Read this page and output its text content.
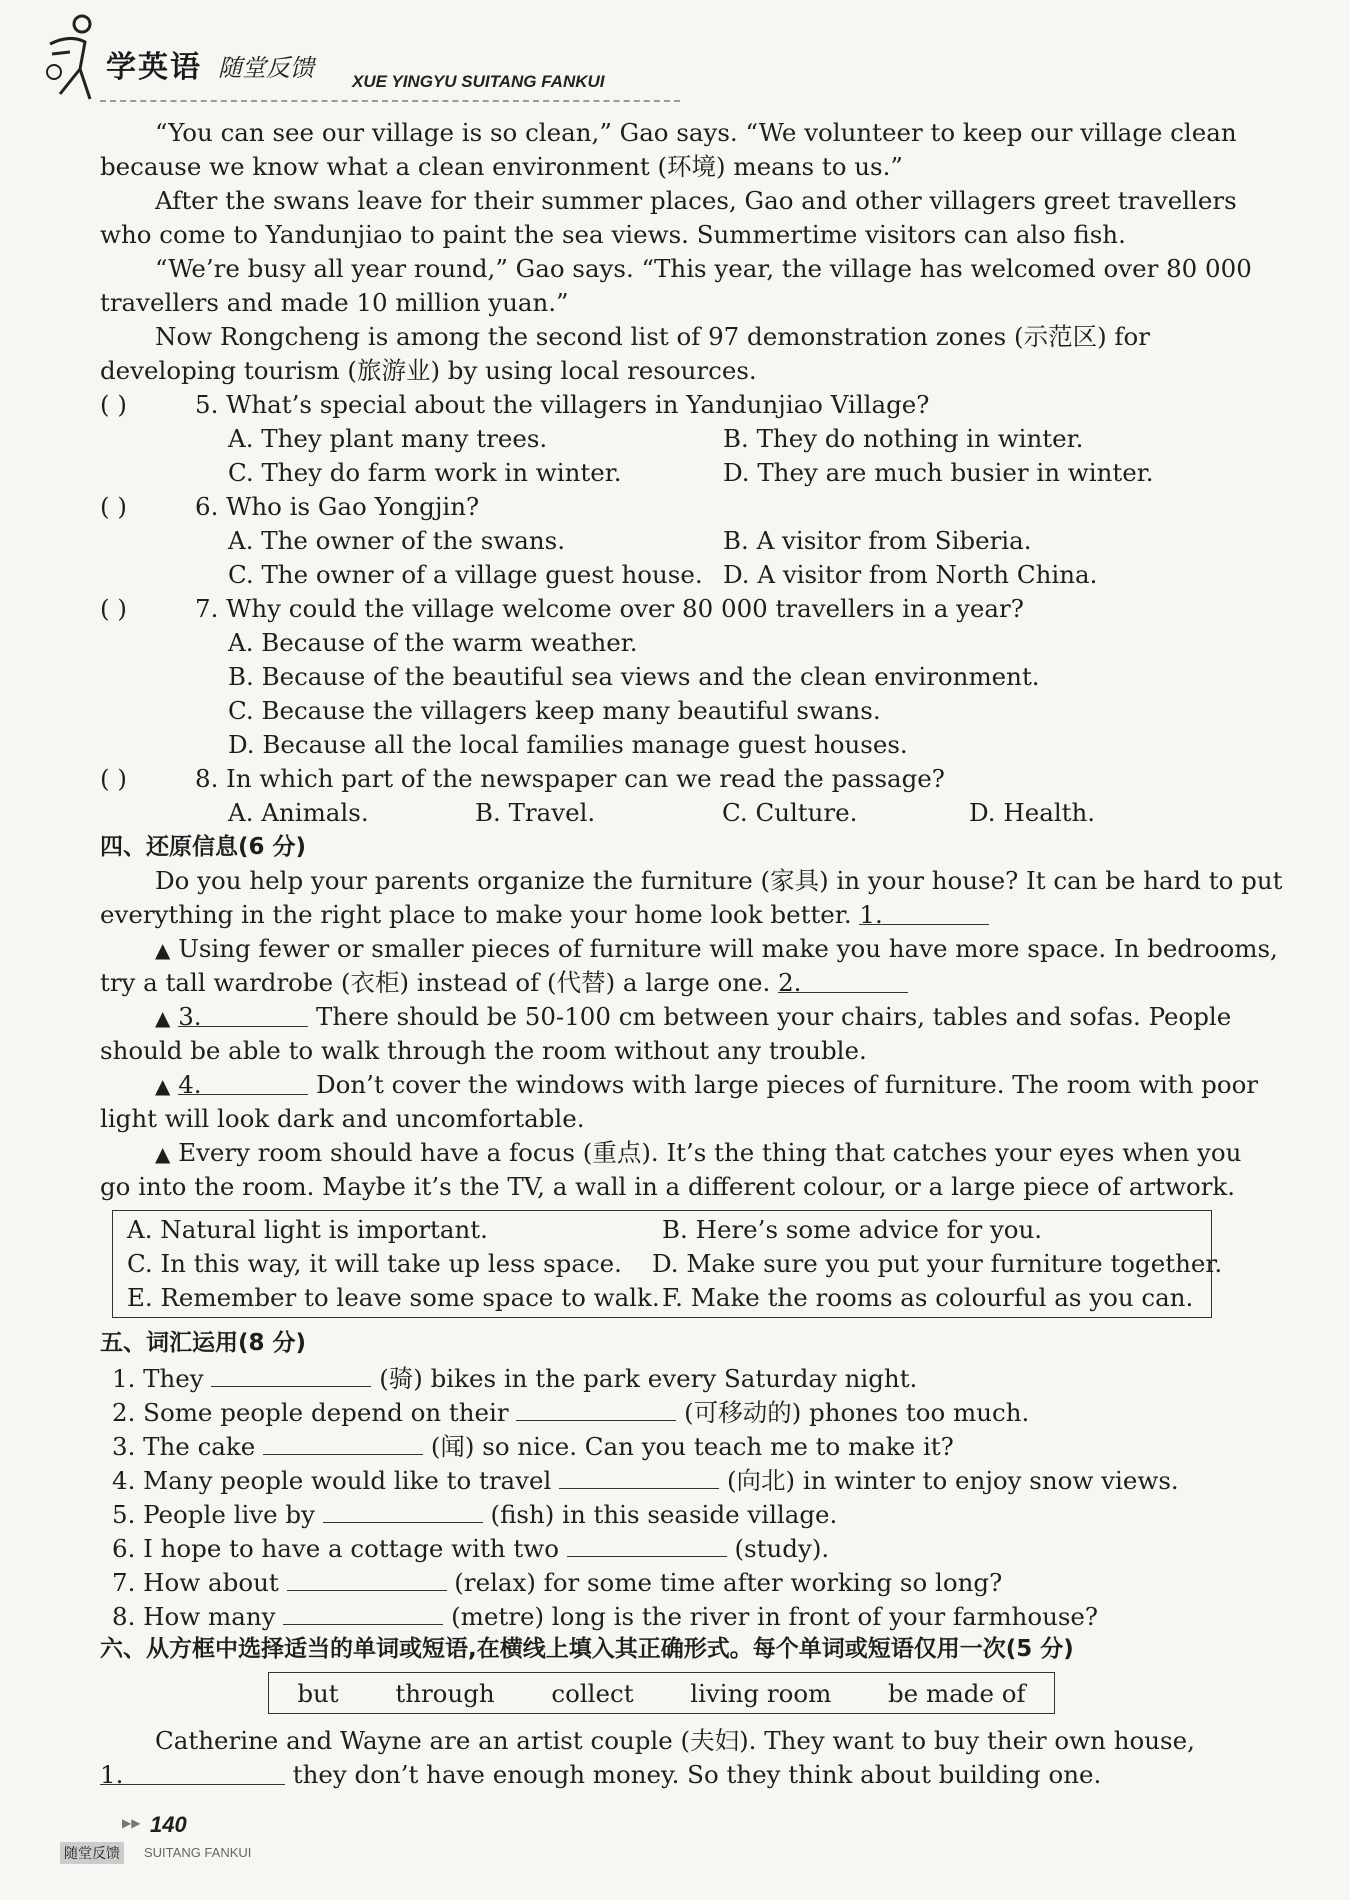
学英语 随堂反馈 XUE YINGYU SUITANG FANKUI
“You can see our village is so clean,” Gao says. “We volunteer to keep our village clean
because we know what a clean environment (环境) means to us.”
After the swans leave for their summer places, Gao and other villagers greet travellers
who come to Yandunjiao to paint the sea views. Summertime visitors can also fish.
“We’re busy all year round,” Gao says. “This year, the village has welcomed over 80 000
travellers and made 10 million yuan.”
Now Rongcheng is among the second list of 97 demonstration zones (示范区) for
developing tourism (旅游业) by using local resources.
( )	5. What’s special about the villagers in Yandunjiao Village?
A. They plant many trees.	B. They do nothing in winter.
C. They do farm work in winter.	D. They are much busier in winter.
( )	6. Who is Gao Yongjin?
A. The owner of the swans.	B. A visitor from Siberia.
C. The owner of a village guest house. D. A visitor from North China.
( )	7. Why could the village welcome over 80 000 travellers in a year?
A. Because of the warm weather.
B. Because of the beautiful sea views and the clean environment.
C. Because the villagers keep many beautiful swans.
D. Because all the local families manage guest houses.
( )	8. In which part of the newspaper can we read the passage?
A. Animals.	B. Travel.	C. Culture.	D. Health.
四、还原信息(6 分)
Do you help your parents organize the furniture (家具) in your house? It can be hard to put
everything in the right place to make your home look better. 1.
▲ Using fewer or smaller pieces of furniture will make you have more space. In bedrooms,
try a tall wardrobe (衣柜) instead of (代替) a large one. 2.
▲ 3.	There should be 50-100 cm between your chairs, tables and sofas. People
should be able to walk through the room without any trouble.
▲ 4.	Don’t cover the windows with large pieces of furniture. The room with poor
light will look dark and uncomfortable.
▲ Every room should have a focus (重点). It’s the thing that catches your eyes when you
go into the room. Maybe it’s the TV, a wall in a different colour, or a large piece of artwork.
A. Natural light is important.	B. Here’s some advice for you.
C. In this way, it will take up less space.	D. Make sure you put your furniture together.
E. Remember to leave some space to walk. F. Make the rooms as colourful as you can.
五、词汇运用(8 分)
1. They	(骑) bikes in the park every Saturday night.
2. Some people depend on their	(可移动的) phones too much.
3. The cake	(闻) so nice. Can you teach me to make it?
4. Many people would like to travel	(向北) in winter to enjoy snow views.
5. People live by	(fish) in this seaside village.
6. I hope to have a cottage with two	(study).
7. How about	(relax) for some time after working so long?
8. How many	(metre) long is the river in front of your farmhouse?
六、从方框中选择适当的单词或短语,在横线上填入其正确形式。每个单词或短语仅用一次(5 分)
but through collect living room be made of
Catherine and Wayne are an artist couple (夫妇). They want to buy their own house,
1.	they don’t have enough money. So they think about building one.
▶▶ 140
随堂反馈	SUITANG FANKUI
